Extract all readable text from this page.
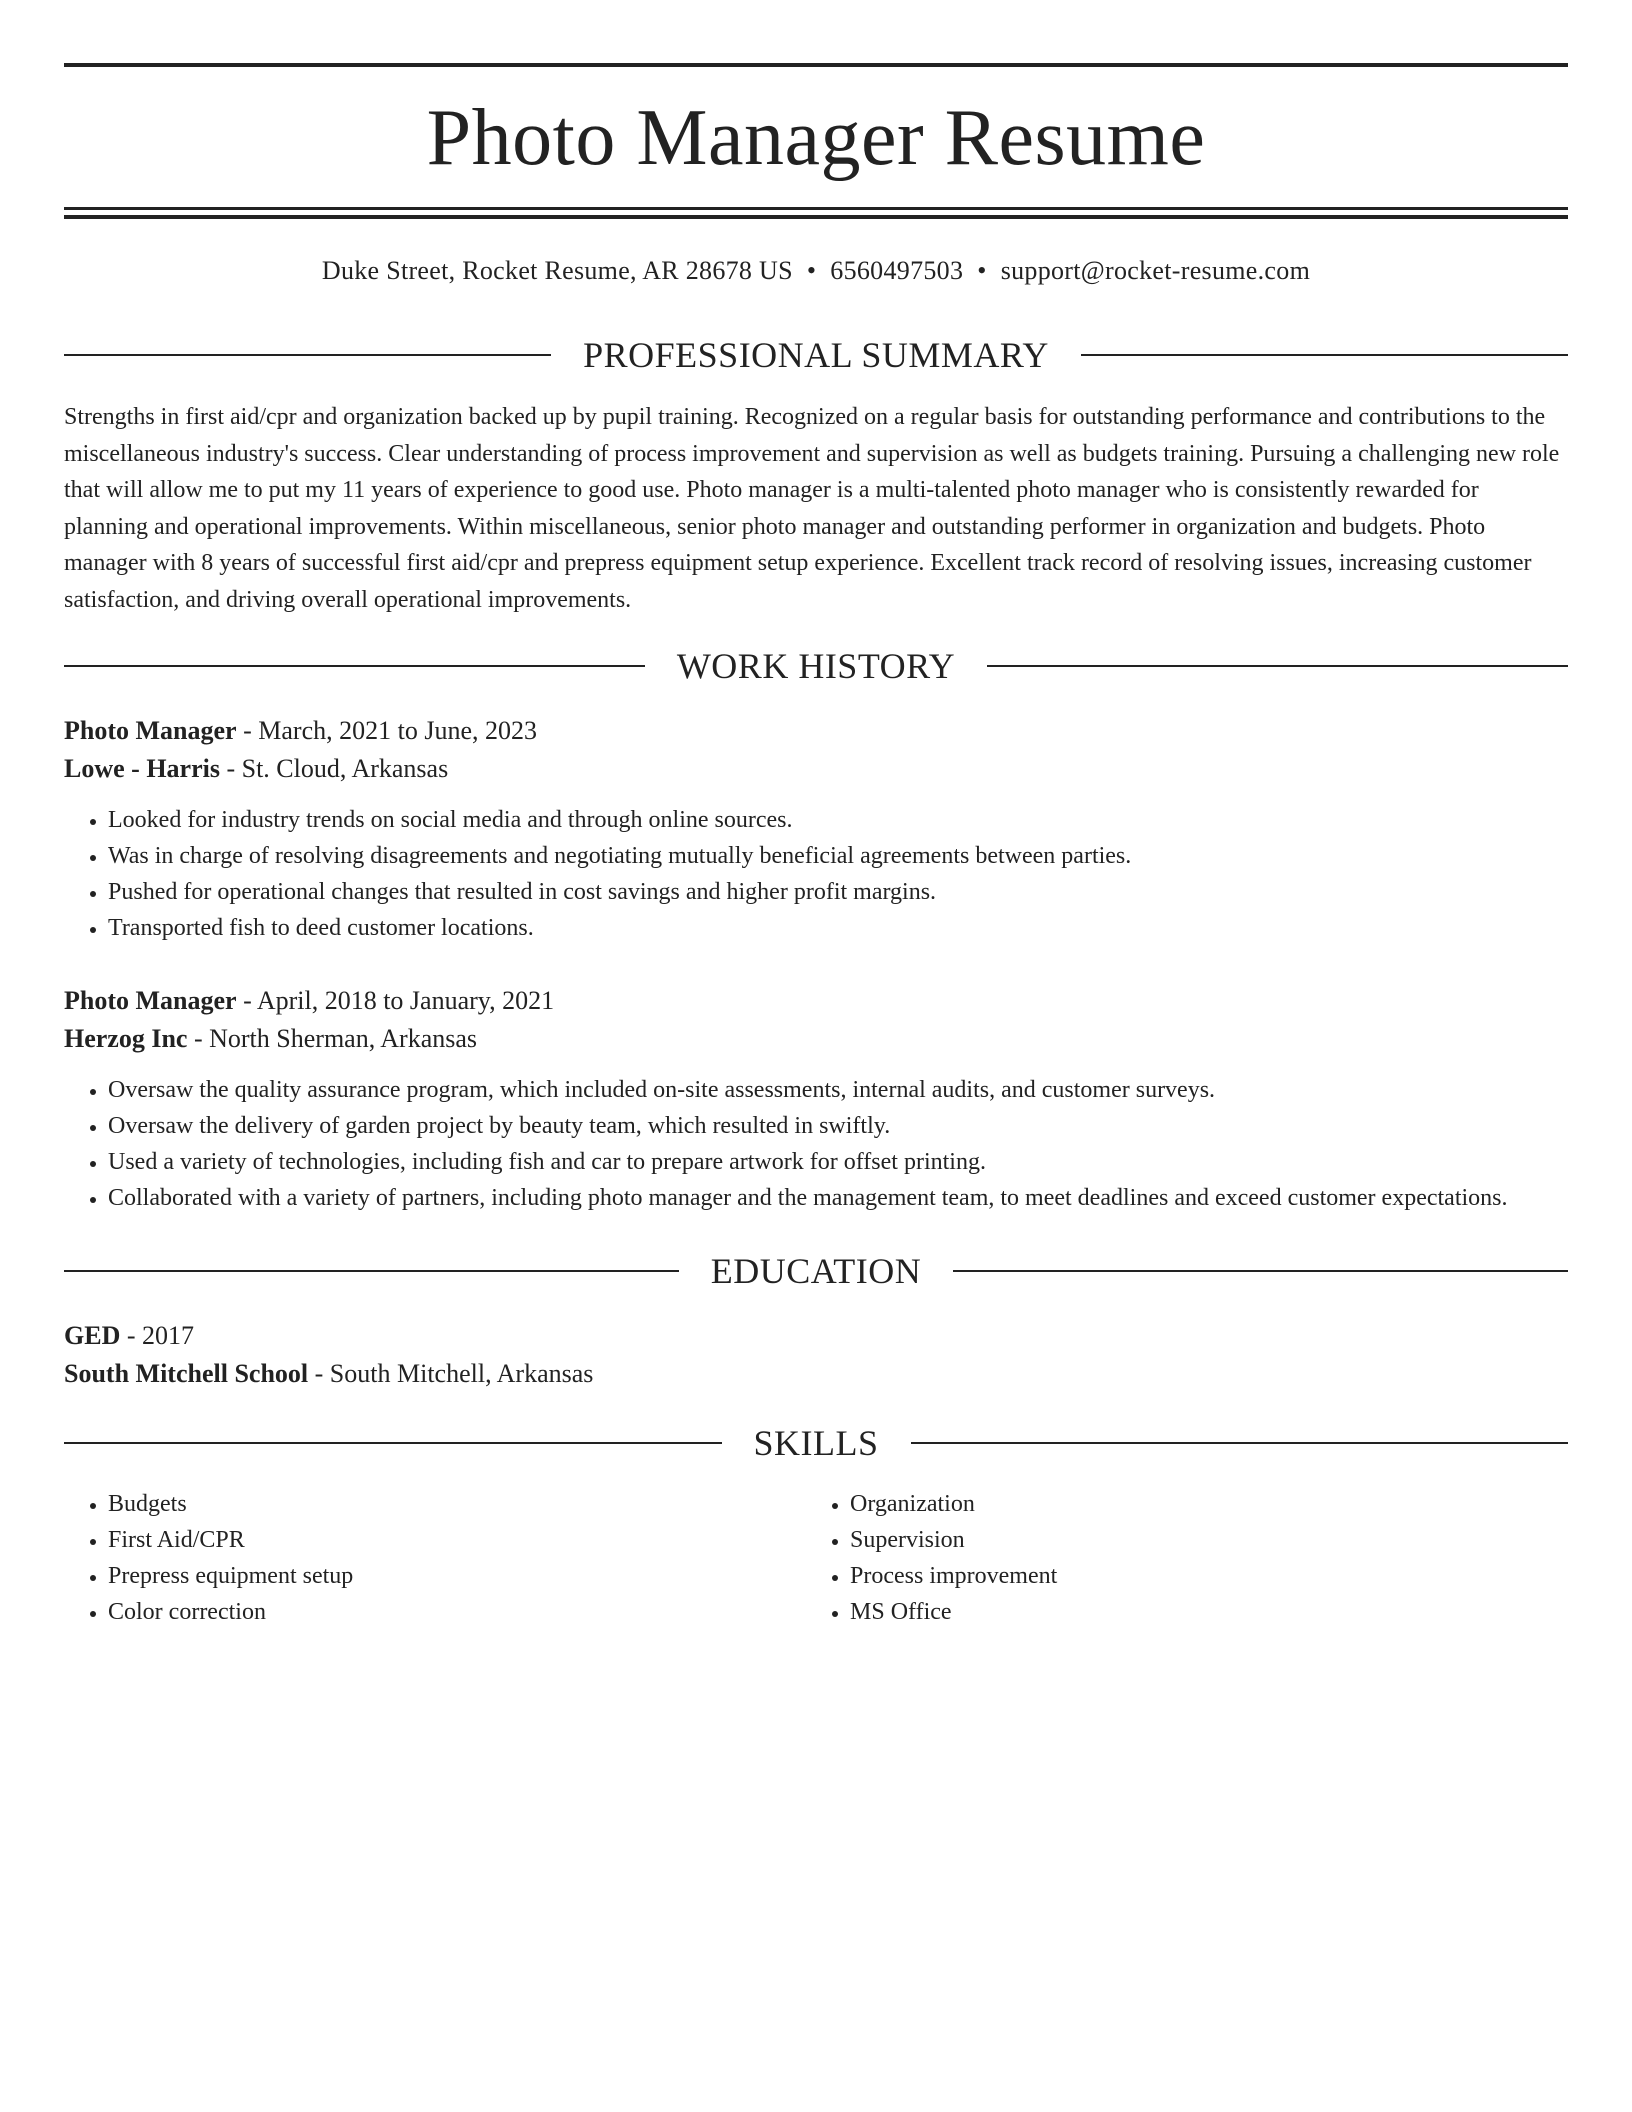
Photo Manager Resume
Duke Street, Rocket Resume, AR 28678 US • 6560497503 • support@rocket-resume.com
PROFESSIONAL SUMMARY

Strengths in first aid/cpr and organization backed up by pupil training. Recognized on a regular basis for outstanding performance and contributions to the miscellaneous industry's success. Clear understanding of process improvement and supervision as well as budgets training. Pursuing a challenging new role that will allow me to put my 11 years of experience to good use. Photo manager is a multi-talented photo manager who is consistently rewarded for planning and operational improvements. Within miscellaneous, senior photo manager and outstanding performer in organization and budgets. Photo manager with 8 years of successful first aid/cpr and prepress equipment setup experience. Excellent track record of resolving issues, increasing customer satisfaction, and driving overall operational improvements.

WORK HISTORY

Photo Manager - March, 2021 to June, 2023

Lowe - Harris - St. Cloud, Arkansas

• Looked for industry trends on social media and through online sources.
• Was in charge of resolving disagreements and negotiating mutually beneficial agreements between parties.
• Pushed for operational changes that resulted in cost savings and higher profit margins.
• Transported fish to deed customer locations.

Photo Manager - April, 2018 to January, 2021

Herzog Inc - North Sherman, Arkansas

• Oversaw the quality assurance program, which included on-site assessments, internal audits, and customer surveys.
• Oversaw the delivery of garden project by beauty team, which resulted in swiftly.
• Used a variety of technologies, including fish and car to prepare artwork for offset printing.
• Collaborated with a variety of partners, including photo manager and the management team, to meet deadlines and exceed customer expectations.
EDUCATION

GED - 2017

South Mitchell School - South Mitchell, Arkansas

SKILLS
• Budgets
• First Aid/CPR
• Prepress equipment setup
• Color correction
• Organization
• Supervision
• Process improvement
• MS Office
